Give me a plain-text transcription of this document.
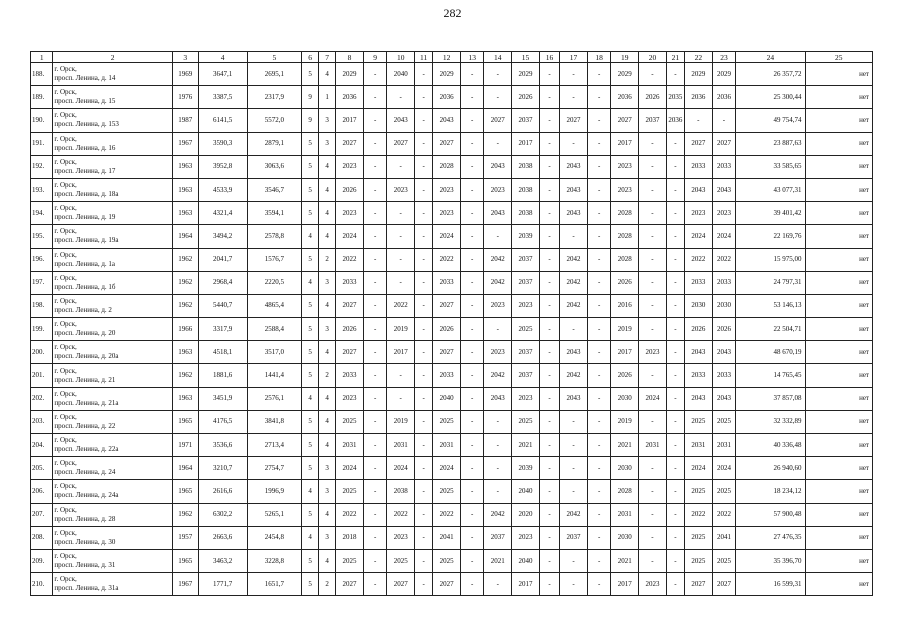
282
1	2	3	4	5	6	7	8	9	10	11	12	13	14	15	16	17	18	19	20	21	22	23	24	25
188.	г. Орск,
просп. Ленина, д. 14	1969	3647,1	2695,1	5	4	2029	-	2040	-	2029	-	-	2029	-	-	-	2029	-	-	2029	2029	26 357,72	нет
189.	г. Орск,
просп. Ленина, д. 15	1976	3387,5	2317,9	9	1	2036	-	-	-	2036	-	-	2026	-	-	-	2036	2026	2035	2036	2036	25 300,44	нет
190.	г. Орск,
просп. Ленина, д. 153	1987	6141,5	5572,0	9	3	2017	-	2043	-	2043	-	2027	2037	-	2027	-	2027	2037	2036	-	-	49 754,74	нет
191.	г. Орск,
просп. Ленина, д. 16	1967	3590,3	2879,1	5	3	2027	-	2027	-	2027	-	-	2017	-	-	-	2017	-	-	2027	2027	23 887,63	нет
192.	г. Орск,
просп. Ленина, д. 17	1963	3952,8	3063,6	5	4	2023	-	-	-	2028	-	2043	2038	-	2043	-	2023	-	-	2033	2033	33 585,65	нет
193.	г. Орск,
просп. Ленина, д. 18а	1963	4533,9	3546,7	5	4	2026	-	2023	-	2023	-	2023	2038	-	2043	-	2023	-	-	2043	2043	43 077,31	нет
194.	г. Орск,
просп. Ленина, д. 19	1963	4321,4	3594,1	5	4	2023	-	-	-	2023	-	2043	2038	-	2043	-	2028	-	-	2023	2023	39 401,42	нет
195.	г. Орск,
просп. Ленина, д. 19а	1964	3494,2	2578,8	4	4	2024	-	-	-	2024	-	-	2039	-	-	-	2028	-	-	2024	2024	22 169,76	нет
196.	г. Орск,
просп. Ленина, д. 1а	1962	2041,7	1576,7	5	2	2022	-	-	-	2022	-	2042	2037	-	2042	-	2028	-	-	2022	2022	15 975,00	нет
197.	г. Орск,
просп. Ленина, д. 1б	1962	2968,4	2220,5	4	3	2033	-	-	-	2033	-	2042	2037	-	2042	-	2026	-	-	2033	2033	24 797,31	нет
198.	г. Орск,
просп. Ленина, д. 2	1962	5440,7	4865,4	5	4	2027	-	2022	-	2027	-	2023	2023	-	2042	-	2016	-	-	2030	2030	53 146,13	нет
199.	г. Орск,
просп. Ленина, д. 20	1966	3317,9	2588,4	5	3	2026	-	2019	-	2026	-	-	2025	-	-	-	2019	-	-	2026	2026	22 504,71	нет
200.	г. Орск,
просп. Ленина, д. 20а	1963	4518,1	3517,0	5	4	2027	-	2017	-	2027	-	2023	2037	-	2043	-	2017	2023	-	2043	2043	48 670,19	нет
201.	г. Орск,
просп. Ленина, д. 21	1962	1881,6	1441,4	5	2	2033	-	-	-	2033	-	2042	2037	-	2042	-	2026	-	-	2033	2033	14 765,45	нет
202.	г. Орск,
просп. Ленина, д. 21а	1963	3451,9	2576,1	4	4	2023	-	-	-	2040	-	2043	2023	-	2043	-	2030	2024	-	2043	2043	37 857,08	нет
203.	г. Орск,
просп. Ленина, д. 22	1965	4176,5	3841,8	5	4	2025	-	2019	-	2025	-	-	2025	-	-	-	2019	-	-	2025	2025	32 332,89	нет
204.	г. Орск,
просп. Ленина, д. 22а	1971	3536,6	2713,4	5	4	2031	-	2031	-	2031	-	-	2021	-	-	-	2021	2031	-	2031	2031	40 336,48	нет
205.	г. Орск,
просп. Ленина, д. 24	1964	3210,7	2754,7	5	3	2024	-	2024	-	2024	-	-	2039	-	-	-	2030	-	-	2024	2024	26 940,60	нет
206.	г. Орск,
просп. Ленина, д. 24а	1965	2616,6	1996,9	4	3	2025	-	2038	-	2025	-	-	2040	-	-	-	2028	-	-	2025	2025	18 234,12	нет
207.	г. Орск,
просп. Ленина, д. 28	1962	6302,2	5265,1	5	4	2022	-	2022	-	2022	-	2042	2020	-	2042	-	2031	-	-	2022	2022	57 900,48	нет
208.	г. Орск,
просп. Ленина, д. 30	1957	2663,6	2454,8	4	3	2018	-	2023	-	2041	-	2037	2023	-	2037	-	2030	-	-	2025	2041	27 476,35	нет
209.	г. Орск,
просп. Ленина, д. 31	1965	3463,2	3228,8	5	4	2025	-	2025	-	2025	-	2021	2040	-	-	-	2021	-	-	2025	2025	35 396,70	нет
210.	г. Орск,
просп. Ленина, д. 31а	1967	1771,7	1651,7	5	2	2027	-	2027	-	2027	-	-	2017	-	-	-	2017	2023	-	2027	2027	16 599,31	нет
